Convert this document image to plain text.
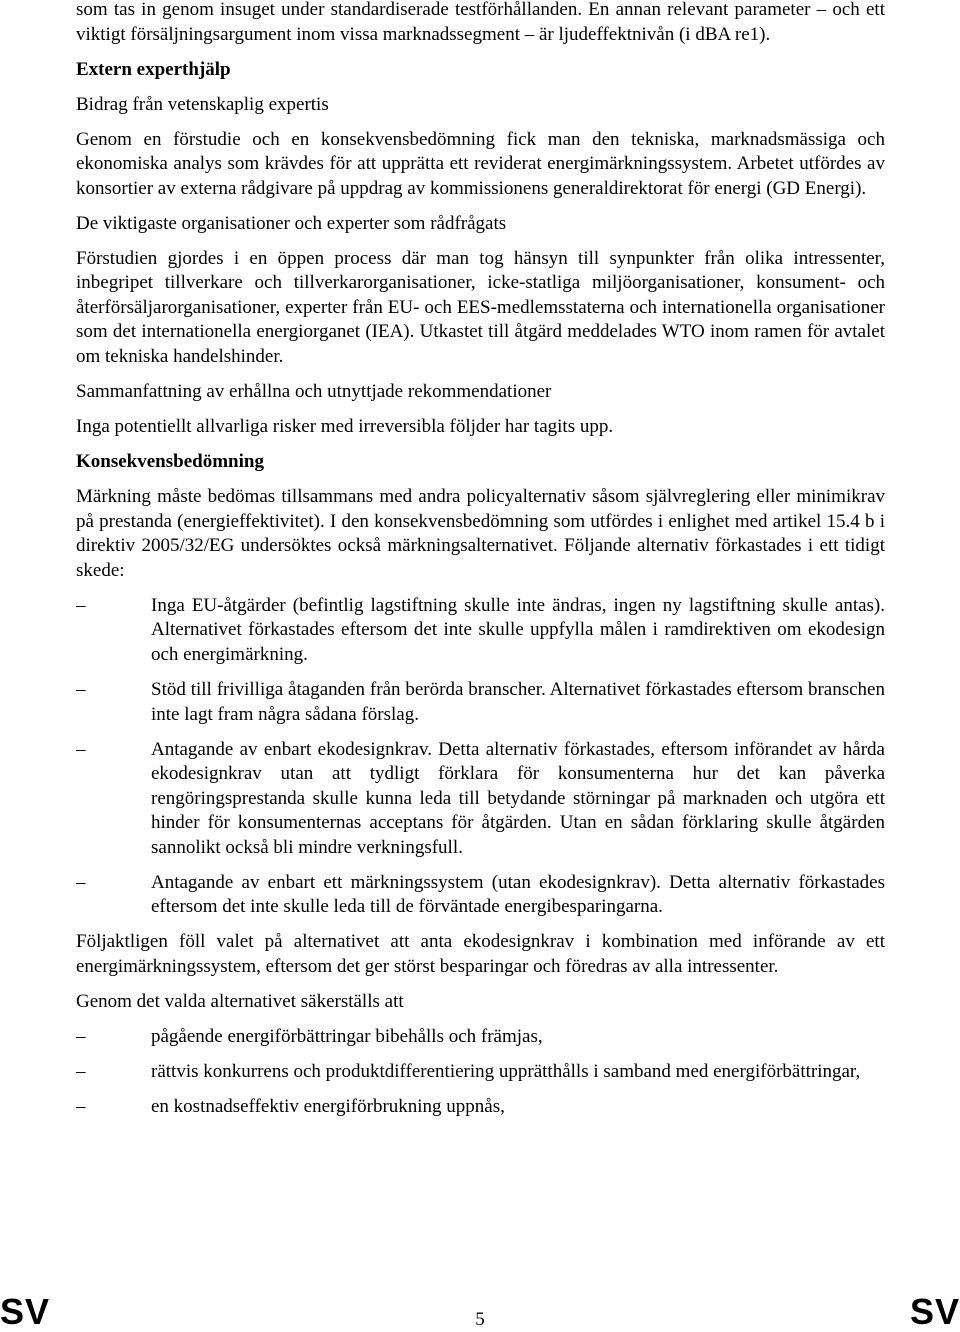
som tas in genom insuget under standardiserade testförhållanden. En annan relevant parameter – och ett viktigt försäljningsargument inom vissa marknadssegment – är ljudeffektnivån (i dBA re1).

Extern experthjälp

Bidrag från vetenskaplig expertis

Genom en förstudie och en konsekvensbedömning fick man den tekniska, marknadsmässiga och ekonomiska analys som krävdes för att upprätta ett reviderat energimärkningssystem. Arbetet utfördes av konsortier av externa rådgivare på uppdrag av kommissionens generaldirektorat för energi (GD Energi).

De viktigaste organisationer och experter som rådfrågats

Förstudien gjordes i en öppen process där man tog hänsyn till synpunkter från olika intressenter, inbegripet tillverkare och tillverkarorganisationer, icke-statliga miljöorganisationer, konsument- och återförsäljarorganisationer, experter från EU- och EES-medlemsstaterna och internationella organisationer som det internationella energiorganet (IEA). Utkastet till åtgärd meddelades WTO inom ramen för avtalet om tekniska handelshinder.

Sammanfattning av erhållna och utnyttjade rekommendationer

Inga potentiellt allvarliga risker med irreversibla följder har tagits upp.

Konsekvensbedömning

Märkning måste bedömas tillsammans med andra policyalternativ såsom självreglering eller minimikrav på prestanda (energieffektivitet). I den konsekvensbedömning som utfördes i enlighet med artikel 15.4 b i direktiv 2005/32/EG undersöktes också märkningsalternativet. Följande alternativ förkastades i ett tidigt skede:

–	Inga EU-åtgärder (befintlig lagstiftning skulle inte ändras, ingen ny lagstiftning skulle antas). Alternativet förkastades eftersom det inte skulle uppfylla målen i ramdirektiven om ekodesign och energimärkning.

–	Stöd till frivilliga åtaganden från berörda branscher. Alternativet förkastades eftersom branschen inte lagt fram några sådana förslag.

–	Antagande av enbart ekodesignkrav. Detta alternativ förkastades, eftersom införandet av hårda ekodesignkrav utan att tydligt förklara för konsumenterna hur det kan påverka rengöringsprestanda skulle kunna leda till betydande störningar på marknaden och utgöra ett hinder för konsumenternas acceptans för åtgärden. Utan en sådan förklaring skulle åtgärden sannolikt också bli mindre verkningsfull.

–	Antagande av enbart ett märkningssystem (utan ekodesignkrav). Detta alternativ förkastades eftersom det inte skulle leda till de förväntade energibesparingarna.

Följaktligen föll valet på alternativet att anta ekodesignkrav i kombination med införande av ett energimärkningssystem, eftersom det ger störst besparingar och föredras av alla intressenter.

Genom det valda alternativet säkerställs att

–	pågående energiförbättringar bibehålls och främjas,

–	rättvis konkurrens och produktdifferentiering upprätthålls i samband med energiförbättringar,

–	en kostnadseffektiv energiförbrukning uppnås,

SV	5	SV
